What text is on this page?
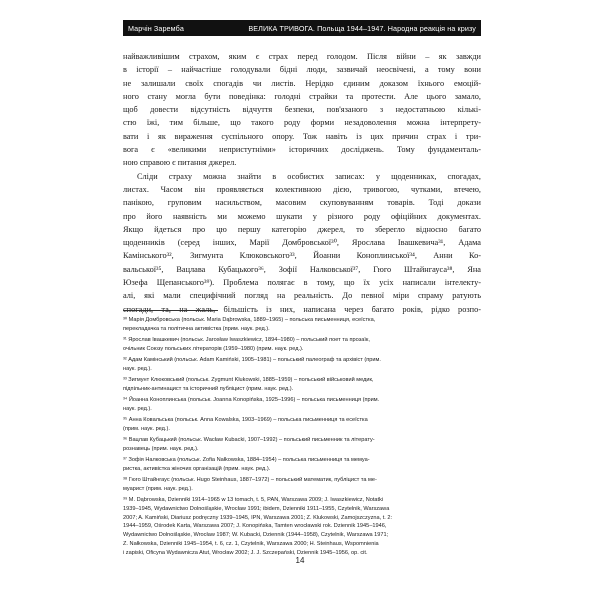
Марчін Зарембa	ВЕЛИКА ТРИВОГА. Польща 1944–1947. Народна реакція на кризу
найважливішим страхом, яким є страх перед голодом. Після війни – як завжди
в історії – найчастіше голодували бідні люди, зазвичай неосвічені, а тому вони
не залишали своїх спогадів чи листів. Нерідко єдиним доказом їхнього емоцій-
ного стану могла бути поведінка: голодні страйки та протести. Але цього замало,
щоб довести відсутність відчуття безпеки, пов'язаного з недостатньою кількі-
стю їжі, тим більше, що такого роду форми незадоволення можна інтерпрету-
вати і як вираження суспільного опору. Тож навіть із цих причин страх і три-
вога є «великими непристутніми» історичних досліджень. Тому фундаменталь-
ною справою є питання джерел.
Сліди страху можна знайти в особистих записах: у щоденниках, спогадах,
листах. Часом він проявляється колективною дією, тривогою, чутками, втечею,
панікою, груповим насильством, масовим скуповуванням товарів. Тоді докази
про його наявність ми можемо шукати у різного роду офіційних документах.
Якщо йдеться про цю першу категорію джерел, то зберегло відносно багато
щоденників (серед інших, Марії Домбровської³⁰, Ярослава Івашкевича³¹, Адама
Камінського³², Зигмунта Клюковського³³, Йоанни Коноплинської³⁴, Анни Ко-
вальської³⁵, Вацлава Кубацького³⁶, Зофії Налковської³⁷, Гюго Штайнгауса³⁸, Яна
Юзефа Щепанського³⁹). Проблема полягає в тому, що їх усіх написали інтелекту-
алі, які мали специфічний погляд на реальність. До певної міри спраму ратують
спогади, та, на жаль, більшість із них, написана через багато років, рідко розпо-
³⁰ Марія Домбровська (польськ. Maria Dąbrowska, 1889–1965) – польська письменниця, есеїстка,
перекладачка та політична активістка (прим. наук. ред.).
³¹ Ярослав Івашкевич (польськ. Jarosław Iwaszkiewicz, 1894–1980) – польський поет та прозаїк,
очільник Союзу польських літераторів (1959–1980) (прим. наук. ред.).
³² Адам Камінський (польськ. Adam Kamiński, 1905–1981) – польський палеограф та архівіст (прим.
наук. ред.).
³³ Зигмунт Клюковський (польськ. Zygmunt Klukowski, 1885–1959) – польський військовий медик,
підпільник-антинацист та історичний публіцист (прим. наук. ред.).
³⁴ Йоанна Коноплинська (польськ. Joanna Konopińska, 1925–1996) – польська письменниця (прим.
наук. ред.).
³⁵ Анна Ковальська (польськ. Anna Kowalska, 1903–1969) – польська письменниця та есеїстка
(прим. наук. ред.).
³⁶ Вацлав Кубацький (польськ. Wacław Kubacki, 1907–1992) – польський письменник та літерату-
рознавець (прим. наук. ред.).
³⁷ Зофія Налковська (польськ. Zofia Nałkowska, 1884–1954) – польська письменниця та мемуа-
ристка, активістка жіночих організацій (прим. наук. ред.).
³⁸ Гюго Штайнгаус (польськ. Hugo Steinhaus, 1887–1972) – польський математик, публіцист та ме-
муарист (прим. наук. ред.).
³⁹ M. Dąbrowska, Dzienniki 1914–1965 w 13 tomach, t. 5, PAN, Warszawa 2009; J. Iwaszkiewicz, Notatki
1939–1945, Wydawnictwo Dolnośląskie, Wrocław 1991; ibidem, Dzienniki 1911–1955, Czytelnik, Warszawa
2007; A. Kamiński, Diariusz podręczny 1939–1945, IPN, Warszawa 2001; Z. Klukowski, Zamojszczyzna, t. 2:
1944–1959, Ośrodek Karta, Warszawa 2007; J. Konopińska, Tamten wrocławski rok. Dziennik 1945–1946,
Wydawnictwo Dolnośląskie, Wrocław 1987; W. Kubacki, Dziennik (1944–1958), Czytelnik, Warszawa 1971;
Z. Nałkowska, Dzienniki 1945–1954, t. 6, cz. 1, Czytelnik, Warszawa 2000; H. Steinhaus, Wspomnienia
i zapiski, Oficyna Wydawnicza Atut, Wrocław 2002; J. J. Szczepański, Dziennik 1945–1956, op. cit.
14
